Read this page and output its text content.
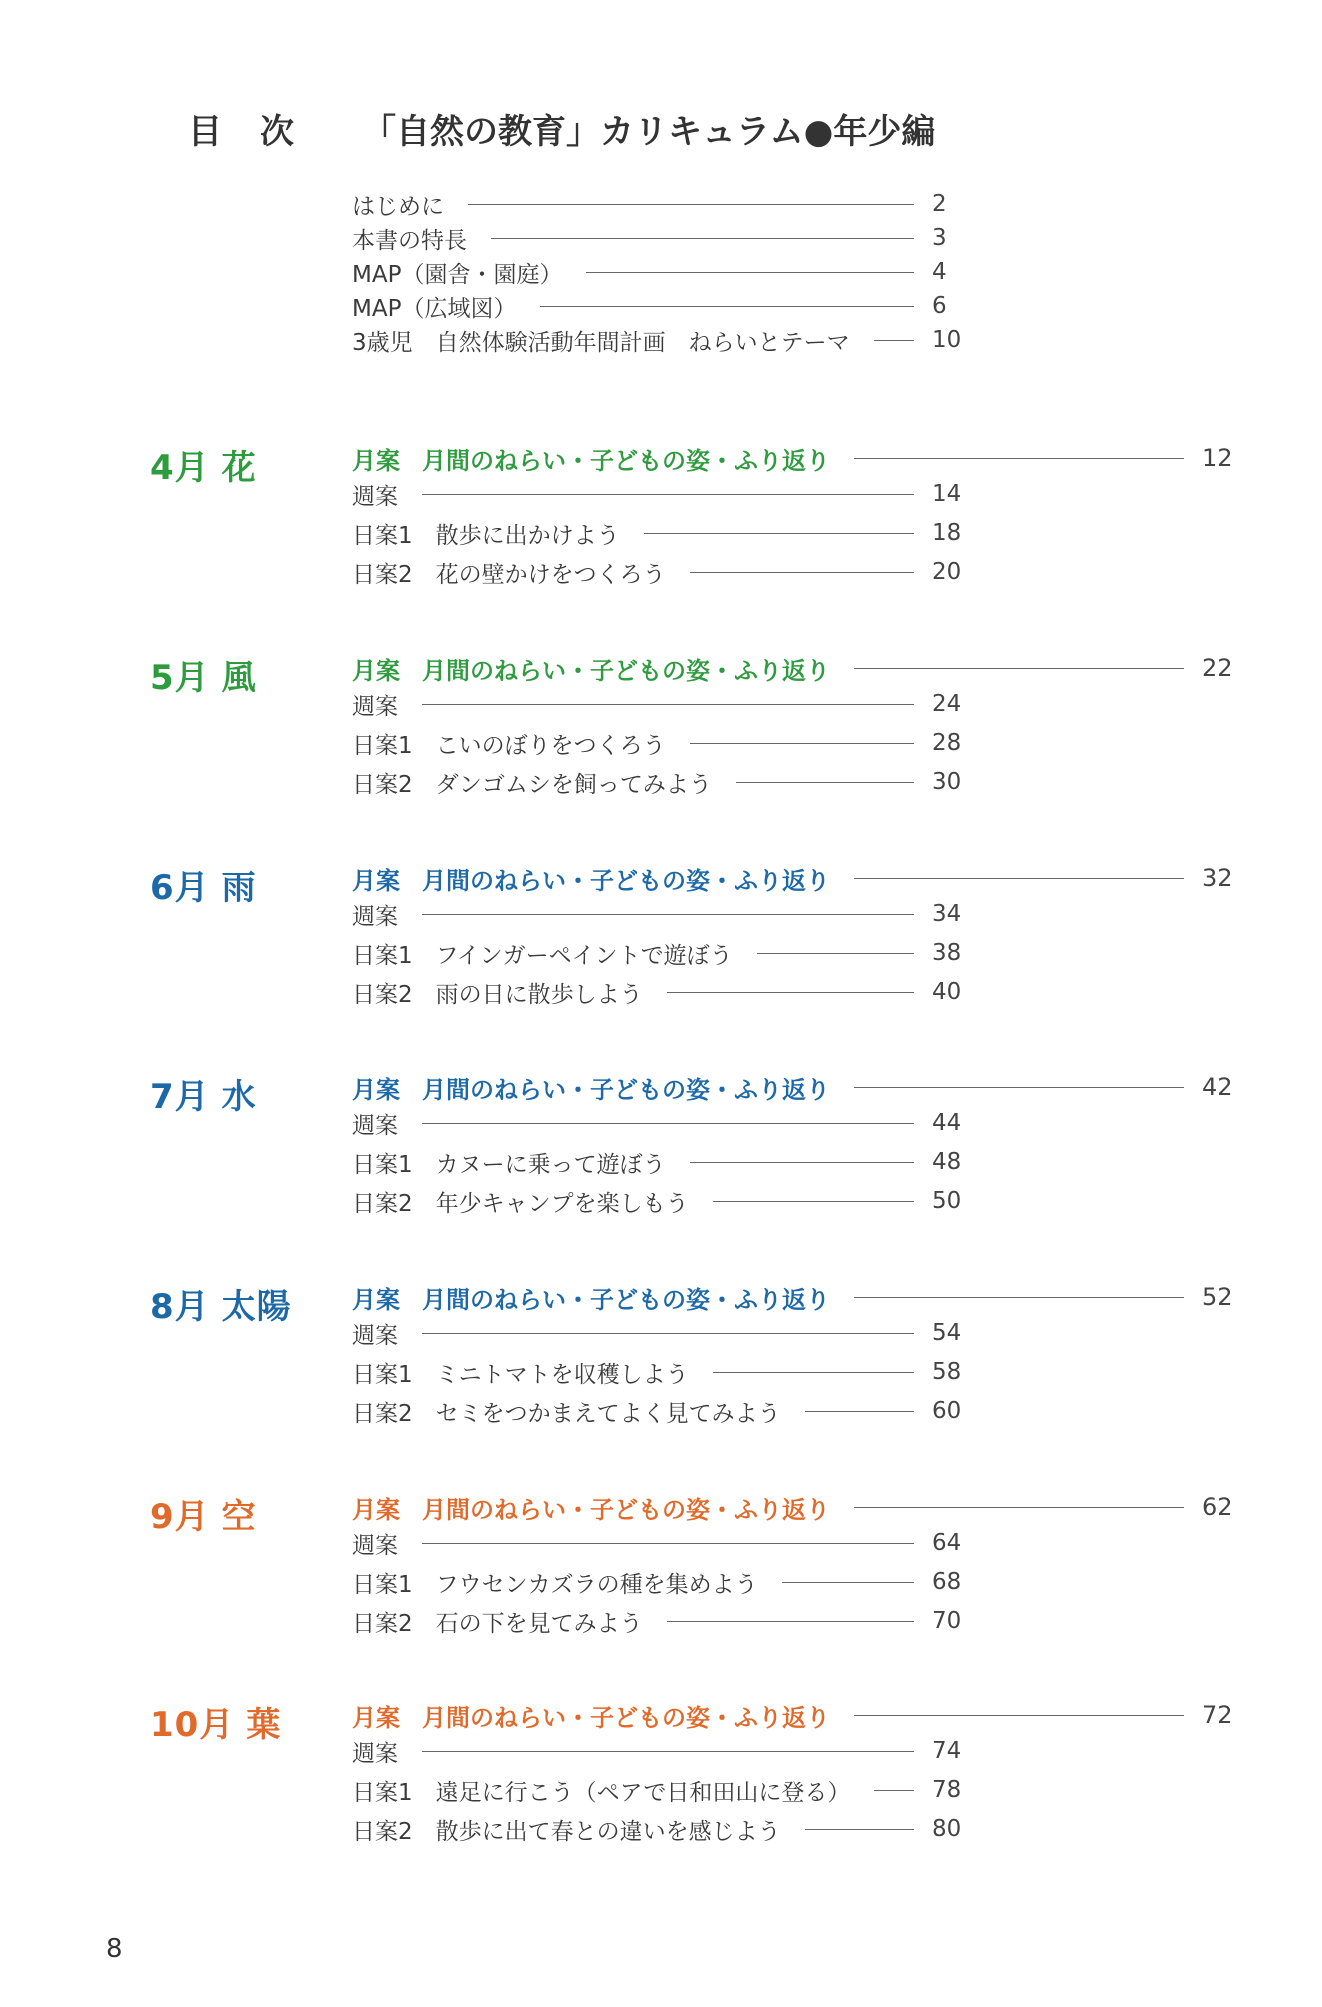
目　次 「自然の教育」カリキュラム●年少編
はじめに	2
本書の特長	3
MAP（園舎・園庭）	4
MAP（広域図）	6
3歳児　自然体験活動年間計画　ねらいとテーマ	10
4月 花	月案 月間のねらい・子どもの姿・ふり返り	12
週案	14
日案1　散歩に出かけよう	18
日案2　花の壁かけをつくろう	20
5月 風	月案 月間のねらい・子どもの姿・ふり返り	22
週案	24
日案1　こいのぼりをつくろう	28
日案2　ダンゴムシを飼ってみよう	30
6月 雨	月案 月間のねらい・子どもの姿・ふり返り	32
週案	34
日案1　フインガーペイントで遊ぼう	38
日案2　雨の日に散歩しよう	40
7月 水	月案 月間のねらい・子どもの姿・ふり返り	42
週案	44
日案1　カヌーに乗って遊ぼう	48
日案2　年少キャンプを楽しもう	50
8月 太陽	月案 月間のねらい・子どもの姿・ふり返り	52
週案	54
日案1　ミニトマトを収穫しよう	58
日案2　セミをつかまえてよく見てみよう	60
9月 空	月案 月間のねらい・子どもの姿・ふり返り	62
週案	64
日案1　フウセンカズラの種を集めよう	68
日案2　石の下を見てみよう	70
10月 葉	月案 月間のねらい・子どもの姿・ふり返り	72
週案	74
日案1　遠足に行こう（ペアで日和田山に登る）	78
日案2　散歩に出て春との違いを感じよう	80
8
